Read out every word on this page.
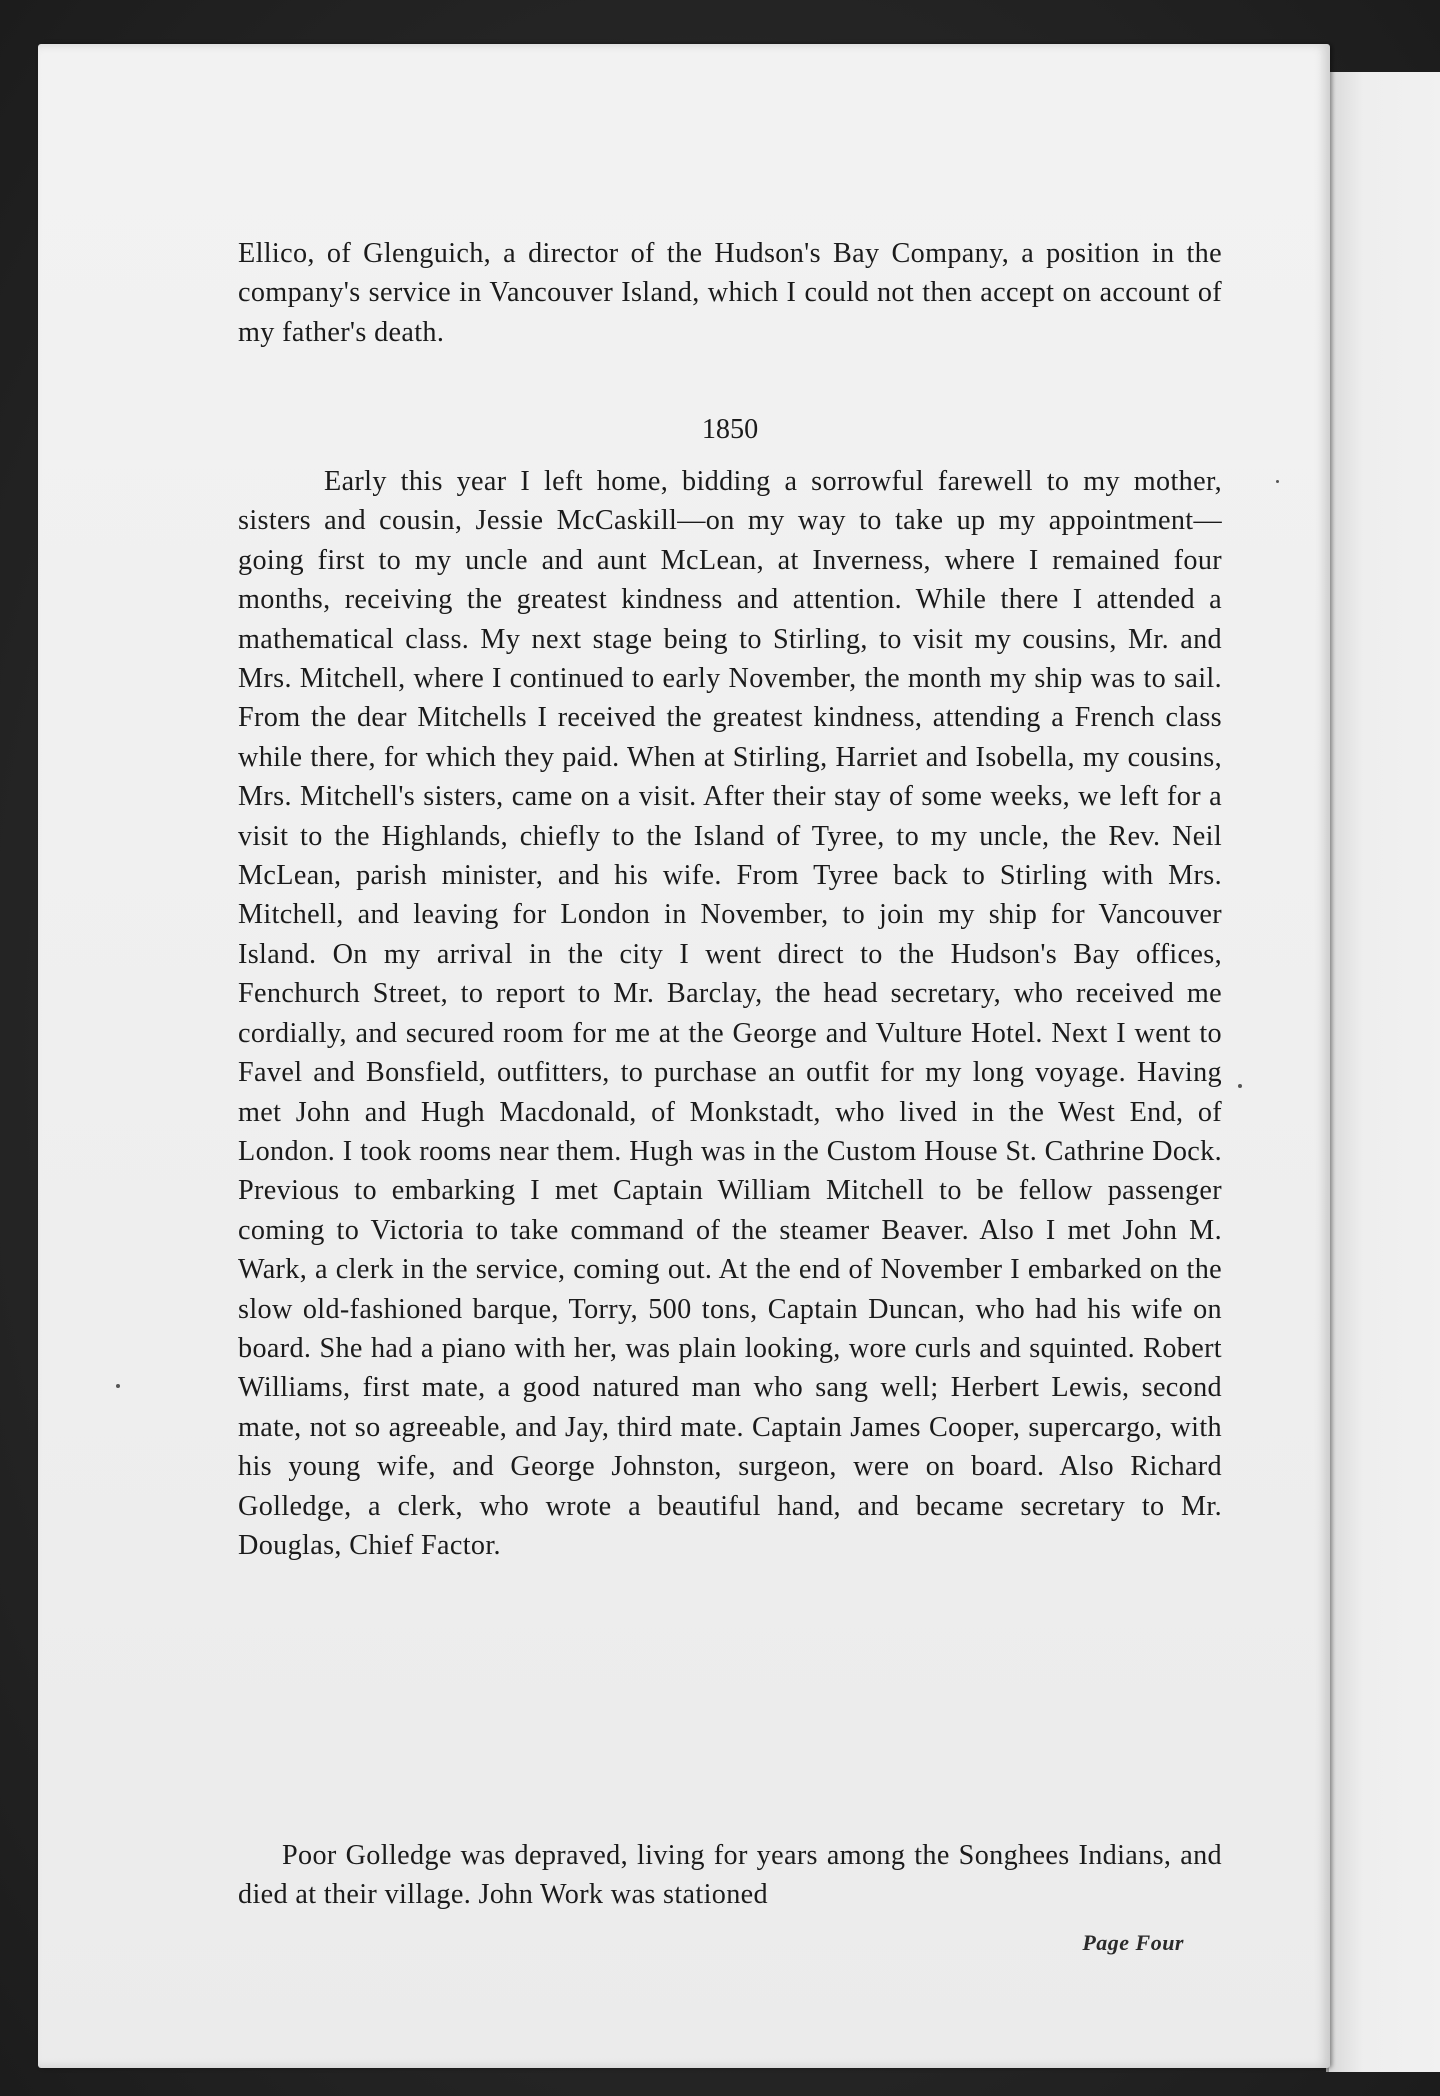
Ellico, of Glenguich, a director of the Hudson's Bay Company, a position in the company's service in Vancouver Island, which I could not then accept on account of my father's death.

1850

Early this year I left home, bidding a sorrowful farewell to my mother, sisters and cousin, Jessie McCaskill—on my way to take up my appointment—going first to my uncle and aunt McLean, at Inverness, where I remained four months, receiving the greatest kindness and attention. While there I attended a mathematical class. My next stage being to Stirling, to visit my cousins, Mr. and Mrs. Mitchell, where I continued to early November, the month my ship was to sail. From the dear Mitchells I received the greatest kindness, attending a French class while there, for which they paid. When at Stirling, Harriet and Isobella, my cousins, Mrs. Mitchell's sisters, came on a visit. After their stay of some weeks, we left for a visit to the Highlands, chiefly to the Island of Tyree, to my uncle, the Rev. Neil McLean, parish minister, and his wife. From Tyree back to Stirling with Mrs. Mitchell, and leaving for London in November, to join my ship for Vancouver Island. On my arrival in the city I went direct to the Hudson's Bay offices, Fenchurch Street, to report to Mr. Barclay, the head secretary, who received me cordially, and secured room for me at the George and Vulture Hotel. Next I went to Favel and Bonsfield, outfitters, to purchase an outfit for my long voyage. Having met John and Hugh Macdonald, of Monkstadt, who lived in the West End, of London. I took rooms near them. Hugh was in the Custom House St. Cathrine Dock. Previous to embarking I met Captain William Mitchell to be fellow passenger coming to Victoria to take command of the steamer Beaver. Also I met John M. Wark, a clerk in the service, coming out. At the end of November I embarked on the slow old-fashioned barque, Torry, 500 tons, Captain Duncan, who had his wife on board. She had a piano with her, was plain looking, wore curls and squinted. Robert Williams, first mate, a good natured man who sang well; Herbert Lewis, second mate, not so agreeable, and Jay, third mate. Captain James Cooper, supercargo, with his young wife, and George Johnston, surgeon, were on board. Also Richard Golledge, a clerk, who wrote a beautiful hand, and became secretary to Mr. Douglas, Chief Factor.

Poor Golledge was depraved, living for years among the Songhees Indians, and died at their village. John Work was stationed

Page Four
